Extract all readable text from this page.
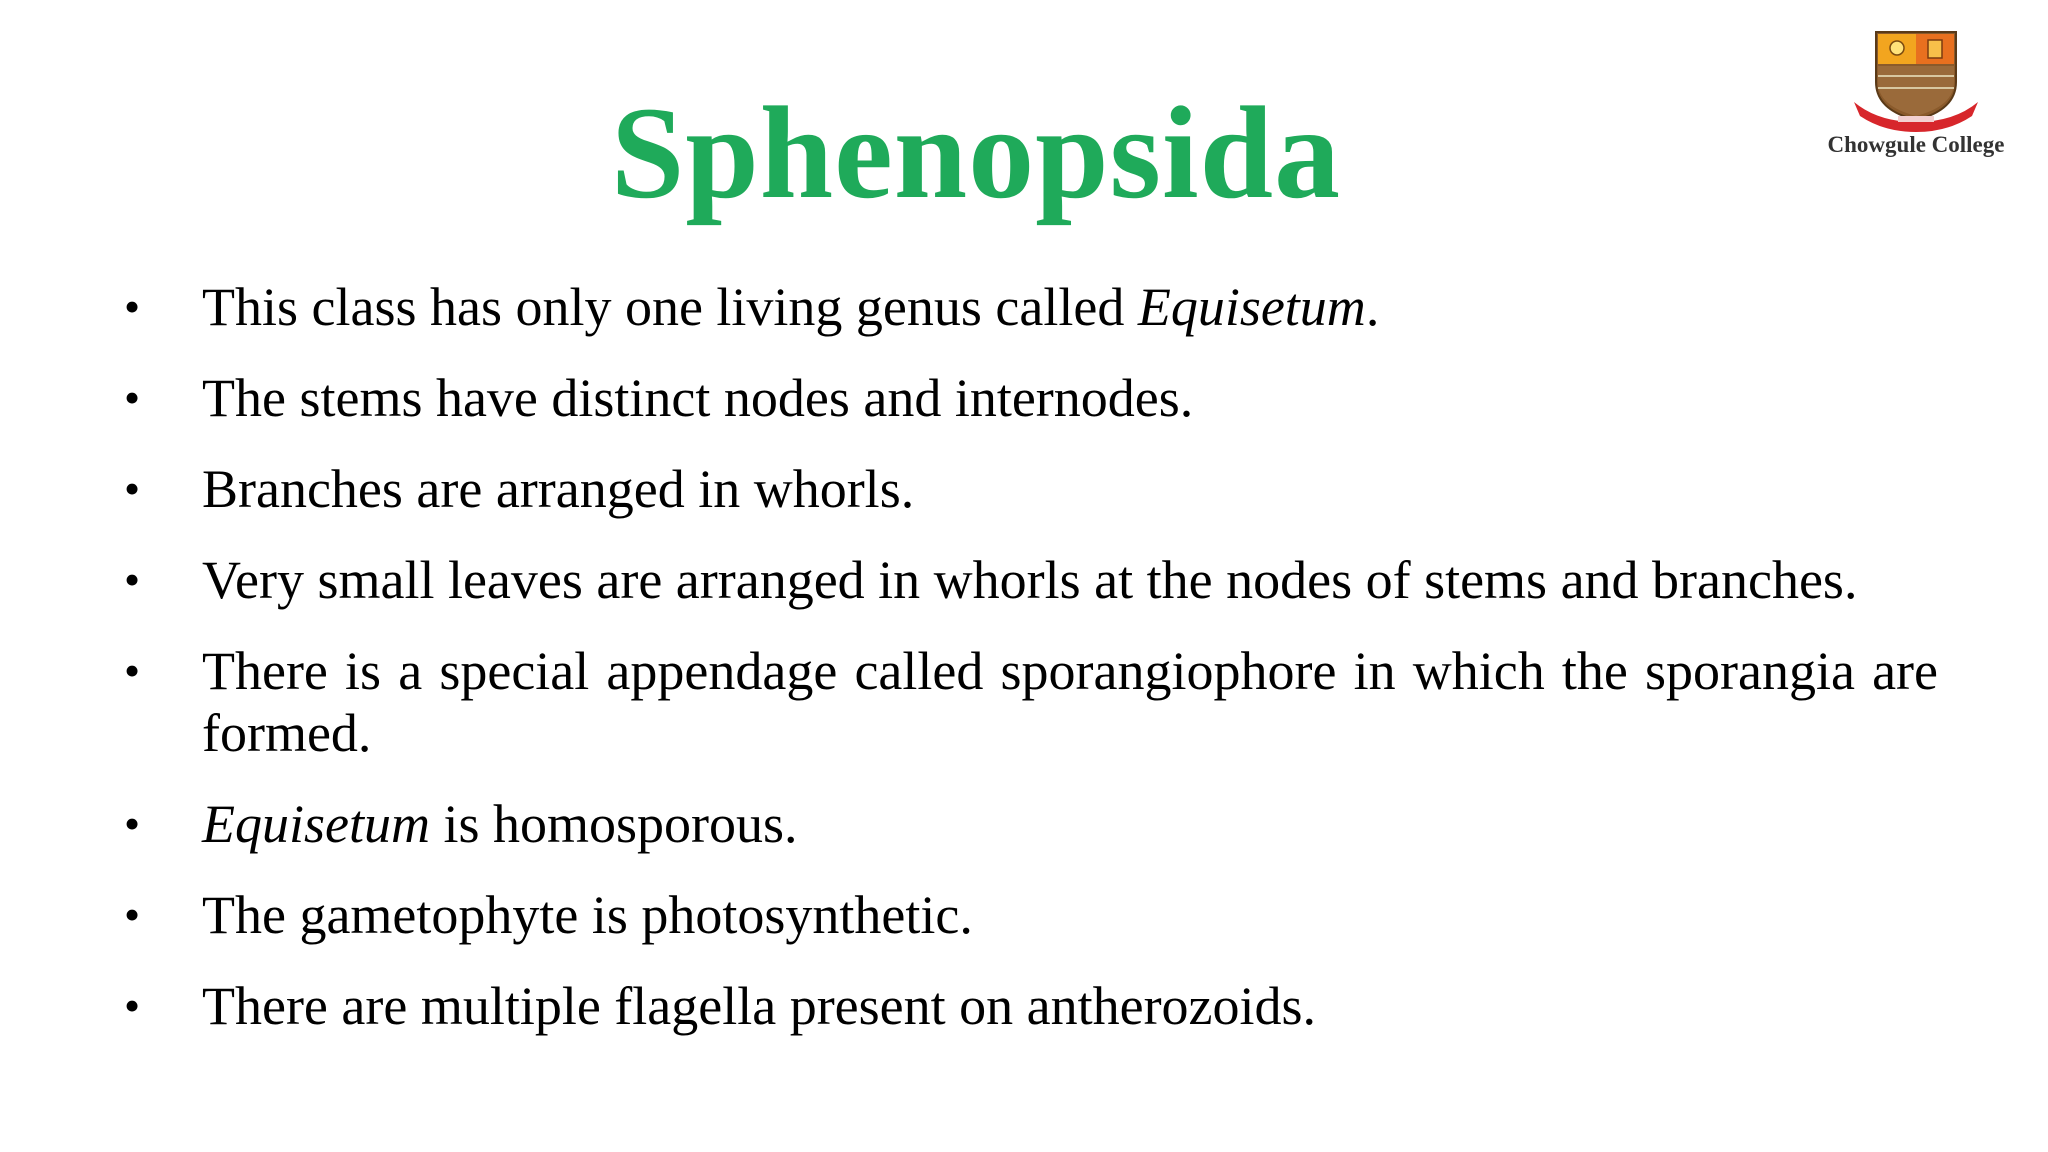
Sphenopsida	Chowgule College
• This class has only one living genus called Equisetum.
• The stems have distinct nodes and internodes.
• Branches are arranged in whorls.
• Very small leaves are arranged in whorls at the nodes of stems and branches.
• There is a special appendage called sporangiophore in which the sporangia are formed.
• Equisetum is homosporous.
• The gametophyte is photosynthetic.
• There are multiple flagella present on antherozoids.
